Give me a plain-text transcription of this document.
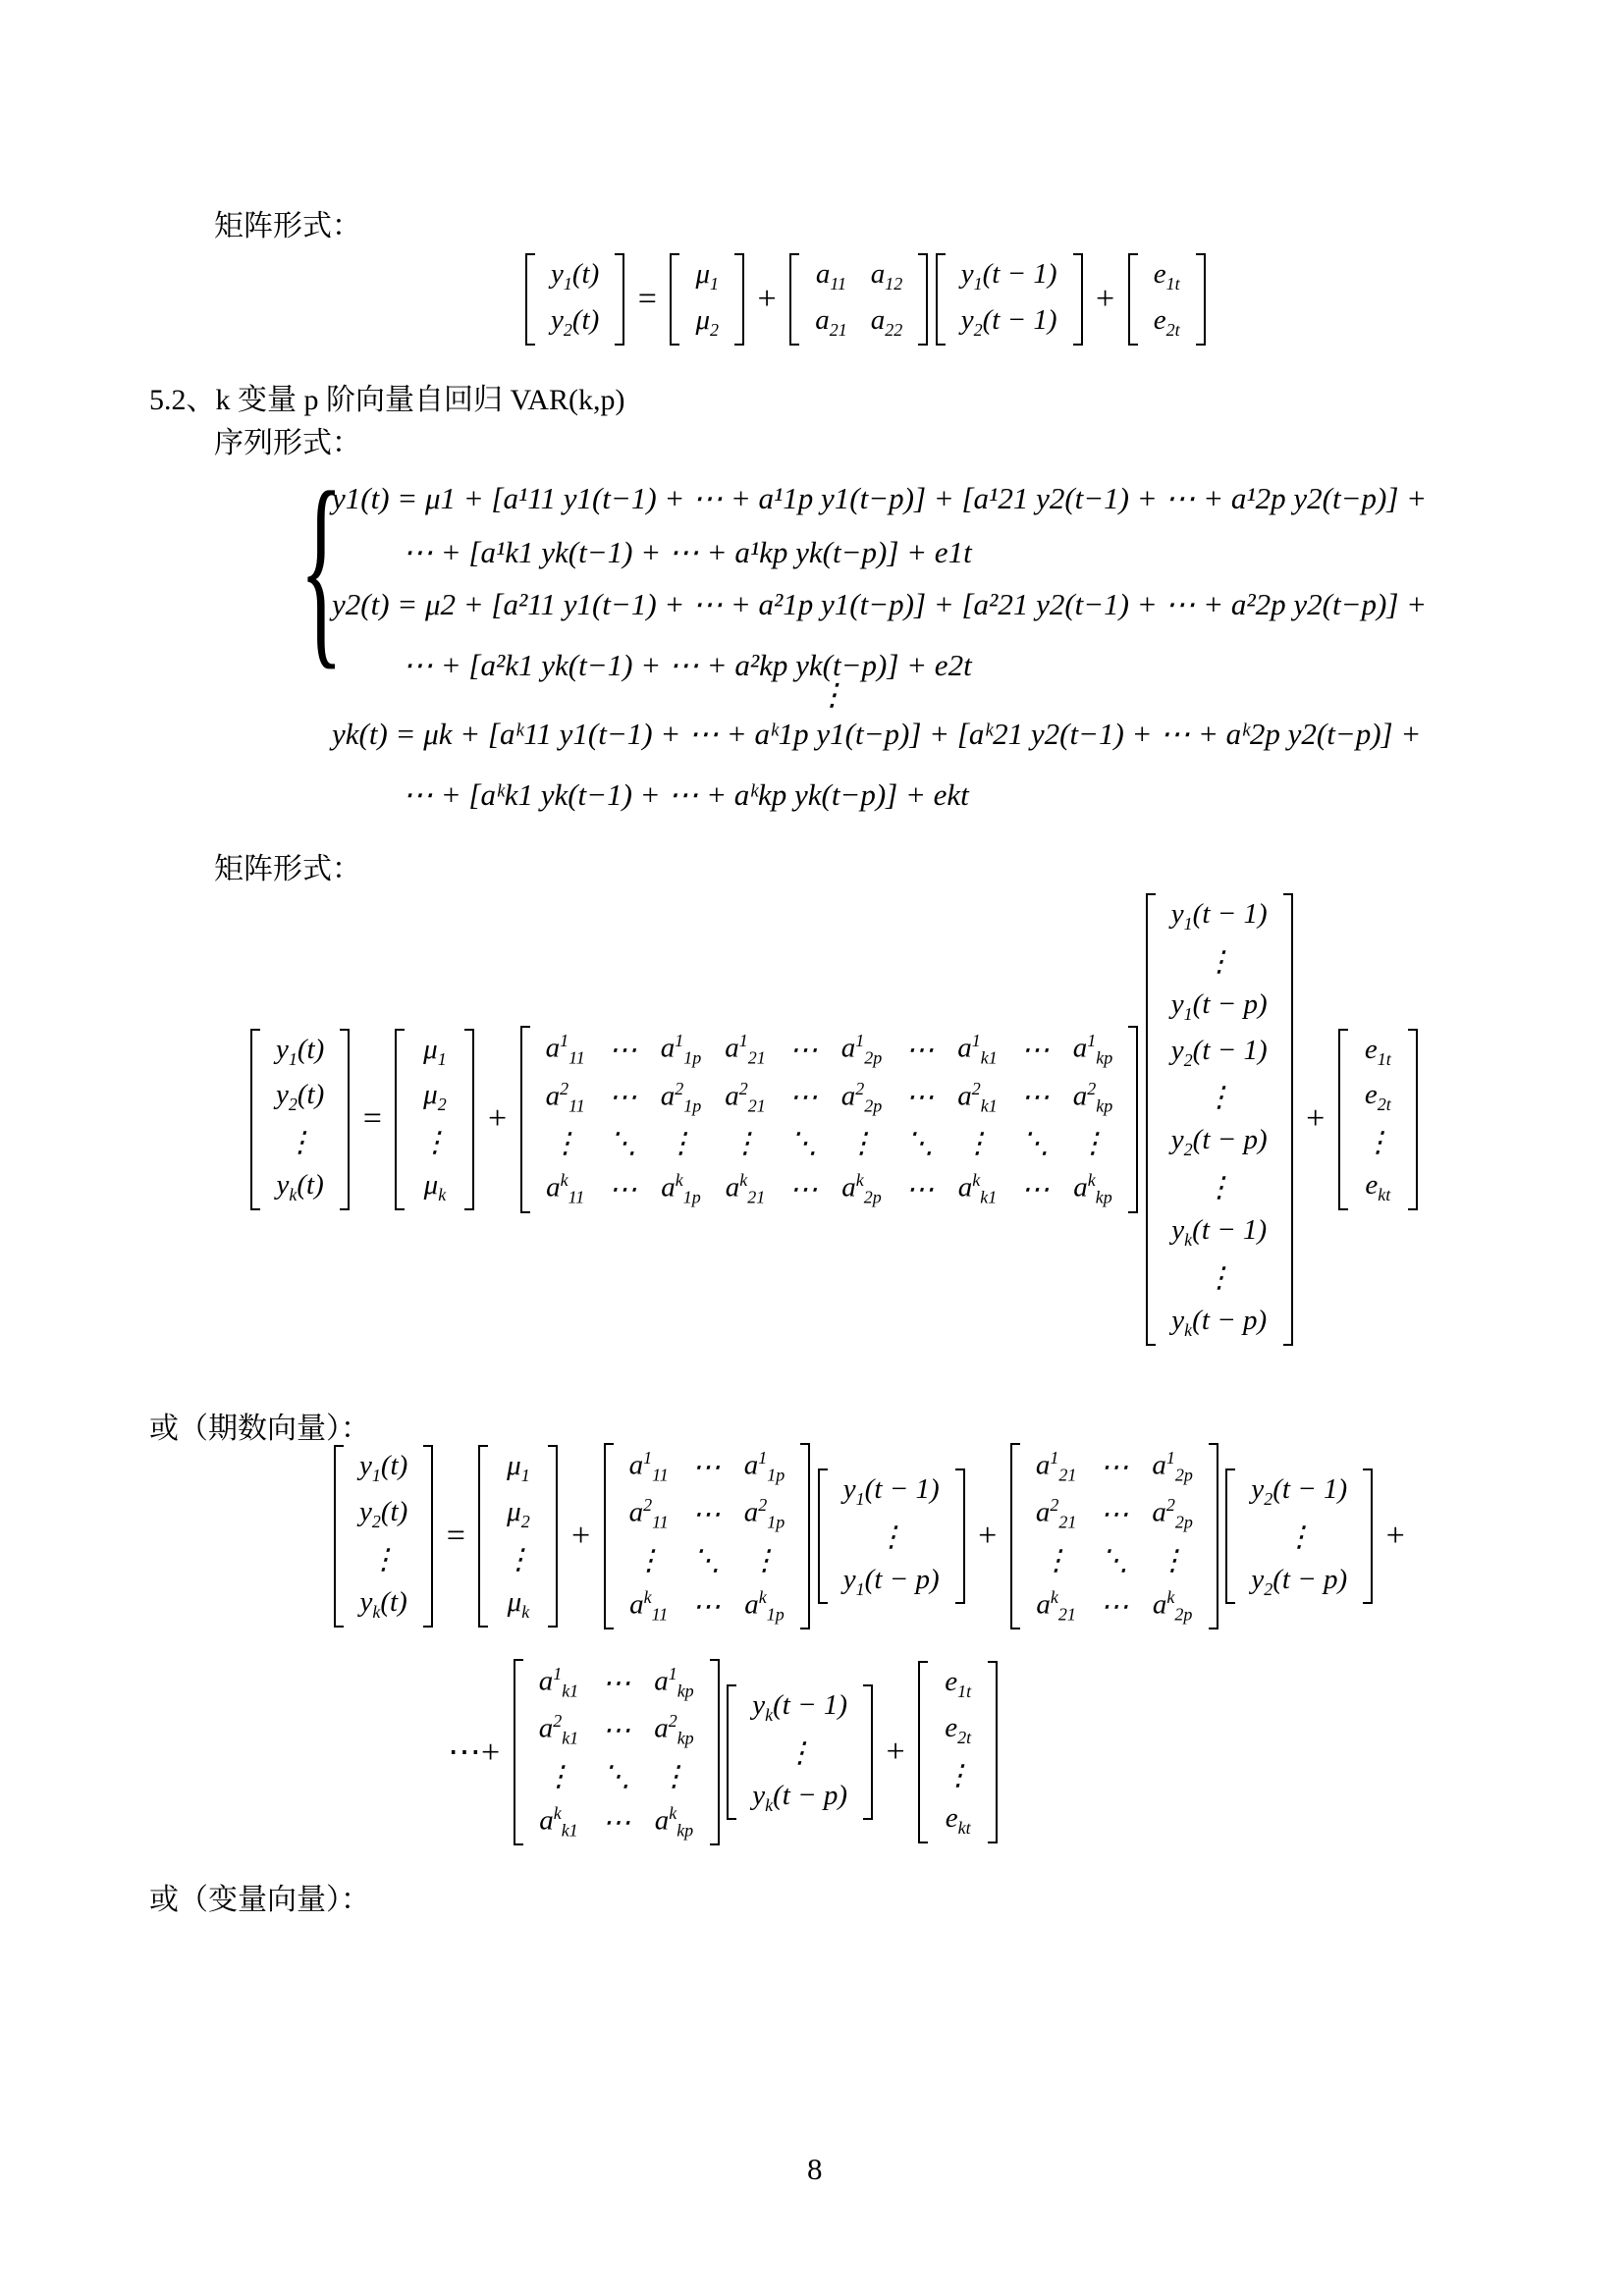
矩阵形式：
$y_1(t)$
$y_2(t)$
=
$\mu_1$
$\mu_2$
+
$a_{11}$	$a_{12}$
$a_{21}$	$a_{22}$

$y_1(t - 1)$
$y_2(t - 1)$
+
$e_{1t}$
$e_{2t}$
5.2、k 变量 p 阶向量自回归 VAR(k,p)
序列形式：
{
y1(t) = μ1 + [a¹11 y1(t−1) + ⋯ + a¹1p y1(t−p)] + [a¹21 y2(t−1) + ⋯ + a¹2p y2(t−p)] +
⋯ + [a¹k1 yk(t−1) + ⋯ + a¹kp yk(t−p)] + e1t
y2(t) = μ2 + [a²11 y1(t−1) + ⋯ + a²1p y1(t−p)] + [a²21 y2(t−1) + ⋯ + a²2p y2(t−p)] +
⋯ + [a²k1 yk(t−1) + ⋯ + a²kp yk(t−p)] + e2t
⋮
yk(t) = μk + [aᵏ11 y1(t−1) + ⋯ + aᵏ1p y1(t−p)] + [aᵏ21 y2(t−1) + ⋯ + aᵏ2p y2(t−p)] +
⋯ + [aᵏk1 yk(t−1) + ⋯ + aᵏkp yk(t−p)] + ekt
矩阵形式：
$y_1(t)$
$y_2(t)$
⋮
$y_k(t)$
=
$\mu_1$
$\mu_2$
⋮
$\mu_k$
+
$a^1_{11}$	⋯	$a^1_{1p}$	$a^1_{21}$	⋯	$a^1_{2p}$	⋯	$a^1_{k1}$	⋯	$a^1_{kp}$
$a^2_{11}$	⋯	$a^2_{1p}$	$a^2_{21}$	⋯	$a^2_{2p}$	⋯	$a^2_{k1}$	⋯	$a^2_{kp}$
⋮	⋱	⋮	⋮	⋱	⋮	⋱	⋮	⋱	⋮
$a^k_{11}$	⋯	$a^k_{1p}$	$a^k_{21}$	⋯	$a^k_{2p}$	⋯	$a^k_{k1}$	⋯	$a^k_{kp}$

$y_1(t - 1)$
⋮
$y_1(t - p)$
$y_2(t - 1)$
⋮
$y_2(t - p)$
⋮
$y_k(t - 1)$
⋮
$y_k(t - p)$
+
$e_{1t}$
$e_{2t}$
⋮
$e_{kt}$
或（期数向量）：
$y_1(t)$
$y_2(t)$
⋮
$y_k(t)$
=
$\mu_1$
$\mu_2$
⋮
$\mu_k$
+
$a^1_{11}$	⋯	$a^1_{1p}$
$a^2_{11}$	⋯	$a^2_{1p}$
⋮	⋱	⋮
$a^k_{11}$	⋯	$a^k_{1p}$

$y_1(t - 1)$
⋮
$y_1(t - p)$
+
$a^1_{21}$	⋯	$a^1_{2p}$
$a^2_{21}$	⋯	$a^2_{2p}$
⋮	⋱	⋮
$a^k_{21}$	⋯	$a^k_{2p}$

$y_2(t - 1)$
⋮
$y_2(t - p)$
+
⋯+
$a^1_{k1}$	⋯	$a^1_{kp}$
$a^2_{k1}$	⋯	$a^2_{kp}$
⋮	⋱	⋮
$a^k_{k1}$	⋯	$a^k_{kp}$

$y_k(t - 1)$
⋮
$y_k(t - p)$
+
$e_{1t}$
$e_{2t}$
⋮
$e_{kt}$
或（变量向量）：
8
